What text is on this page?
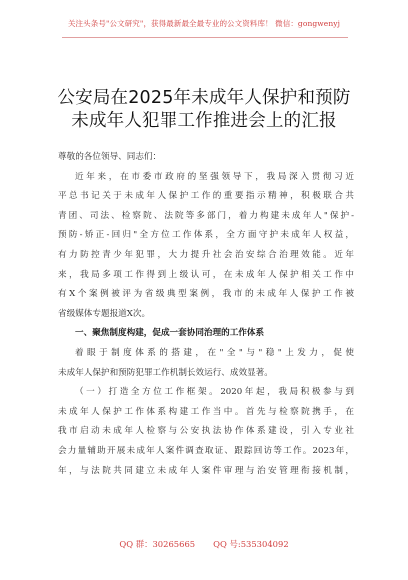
关注头条号"公文研究"，获得最新最全最专业的公文资料库！ 微信：gongwenyj
公安局在2025年未成年人保护和预防
未成年人犯罪工作推进会上的汇报
尊敬的各位领导、同志们：
近年来，在市委市政府的坚强领导下，我局深入贯彻习近
平总书记关于未成年人保护工作的重要指示精神，积极联合共
青团、司法、检察院、法院等多部门，着力构建未成年人"保护-
预防-矫正-回归"全方位工作体系，全方面守护未成年人权益，
有力防控青少年犯罪，大力提升社会治安综合治理效能。近年
来，我局多项工作得到上级认可，在未成年人保护相关工作中
有X个案例被评为省级典型案例，我市的未成年人保护工作被
省级媒体专题报道X次。
一、聚焦制度构建，促成一套协同治理的工作体系
着眼于制度体系的搭建，在"全"与"稳"上发力，促使
未成年人保护和预防犯罪工作机制长效运行、成效显著。
（一）打造全方位工作框架。2020年起，我局积极参与到
未成年人保护工作体系构建工作当中。首先与检察院携手，在
我市启动未成年人检察与公安执法协作体系建设，引入专业社
会力量辅助开展未成年人案件调查取证、跟踪回访等工作。2023年，
年，与法院共同建立未成年人案件审理与治安管理衔接机制，
QQ 群：30265665 QQ 号:535304092
